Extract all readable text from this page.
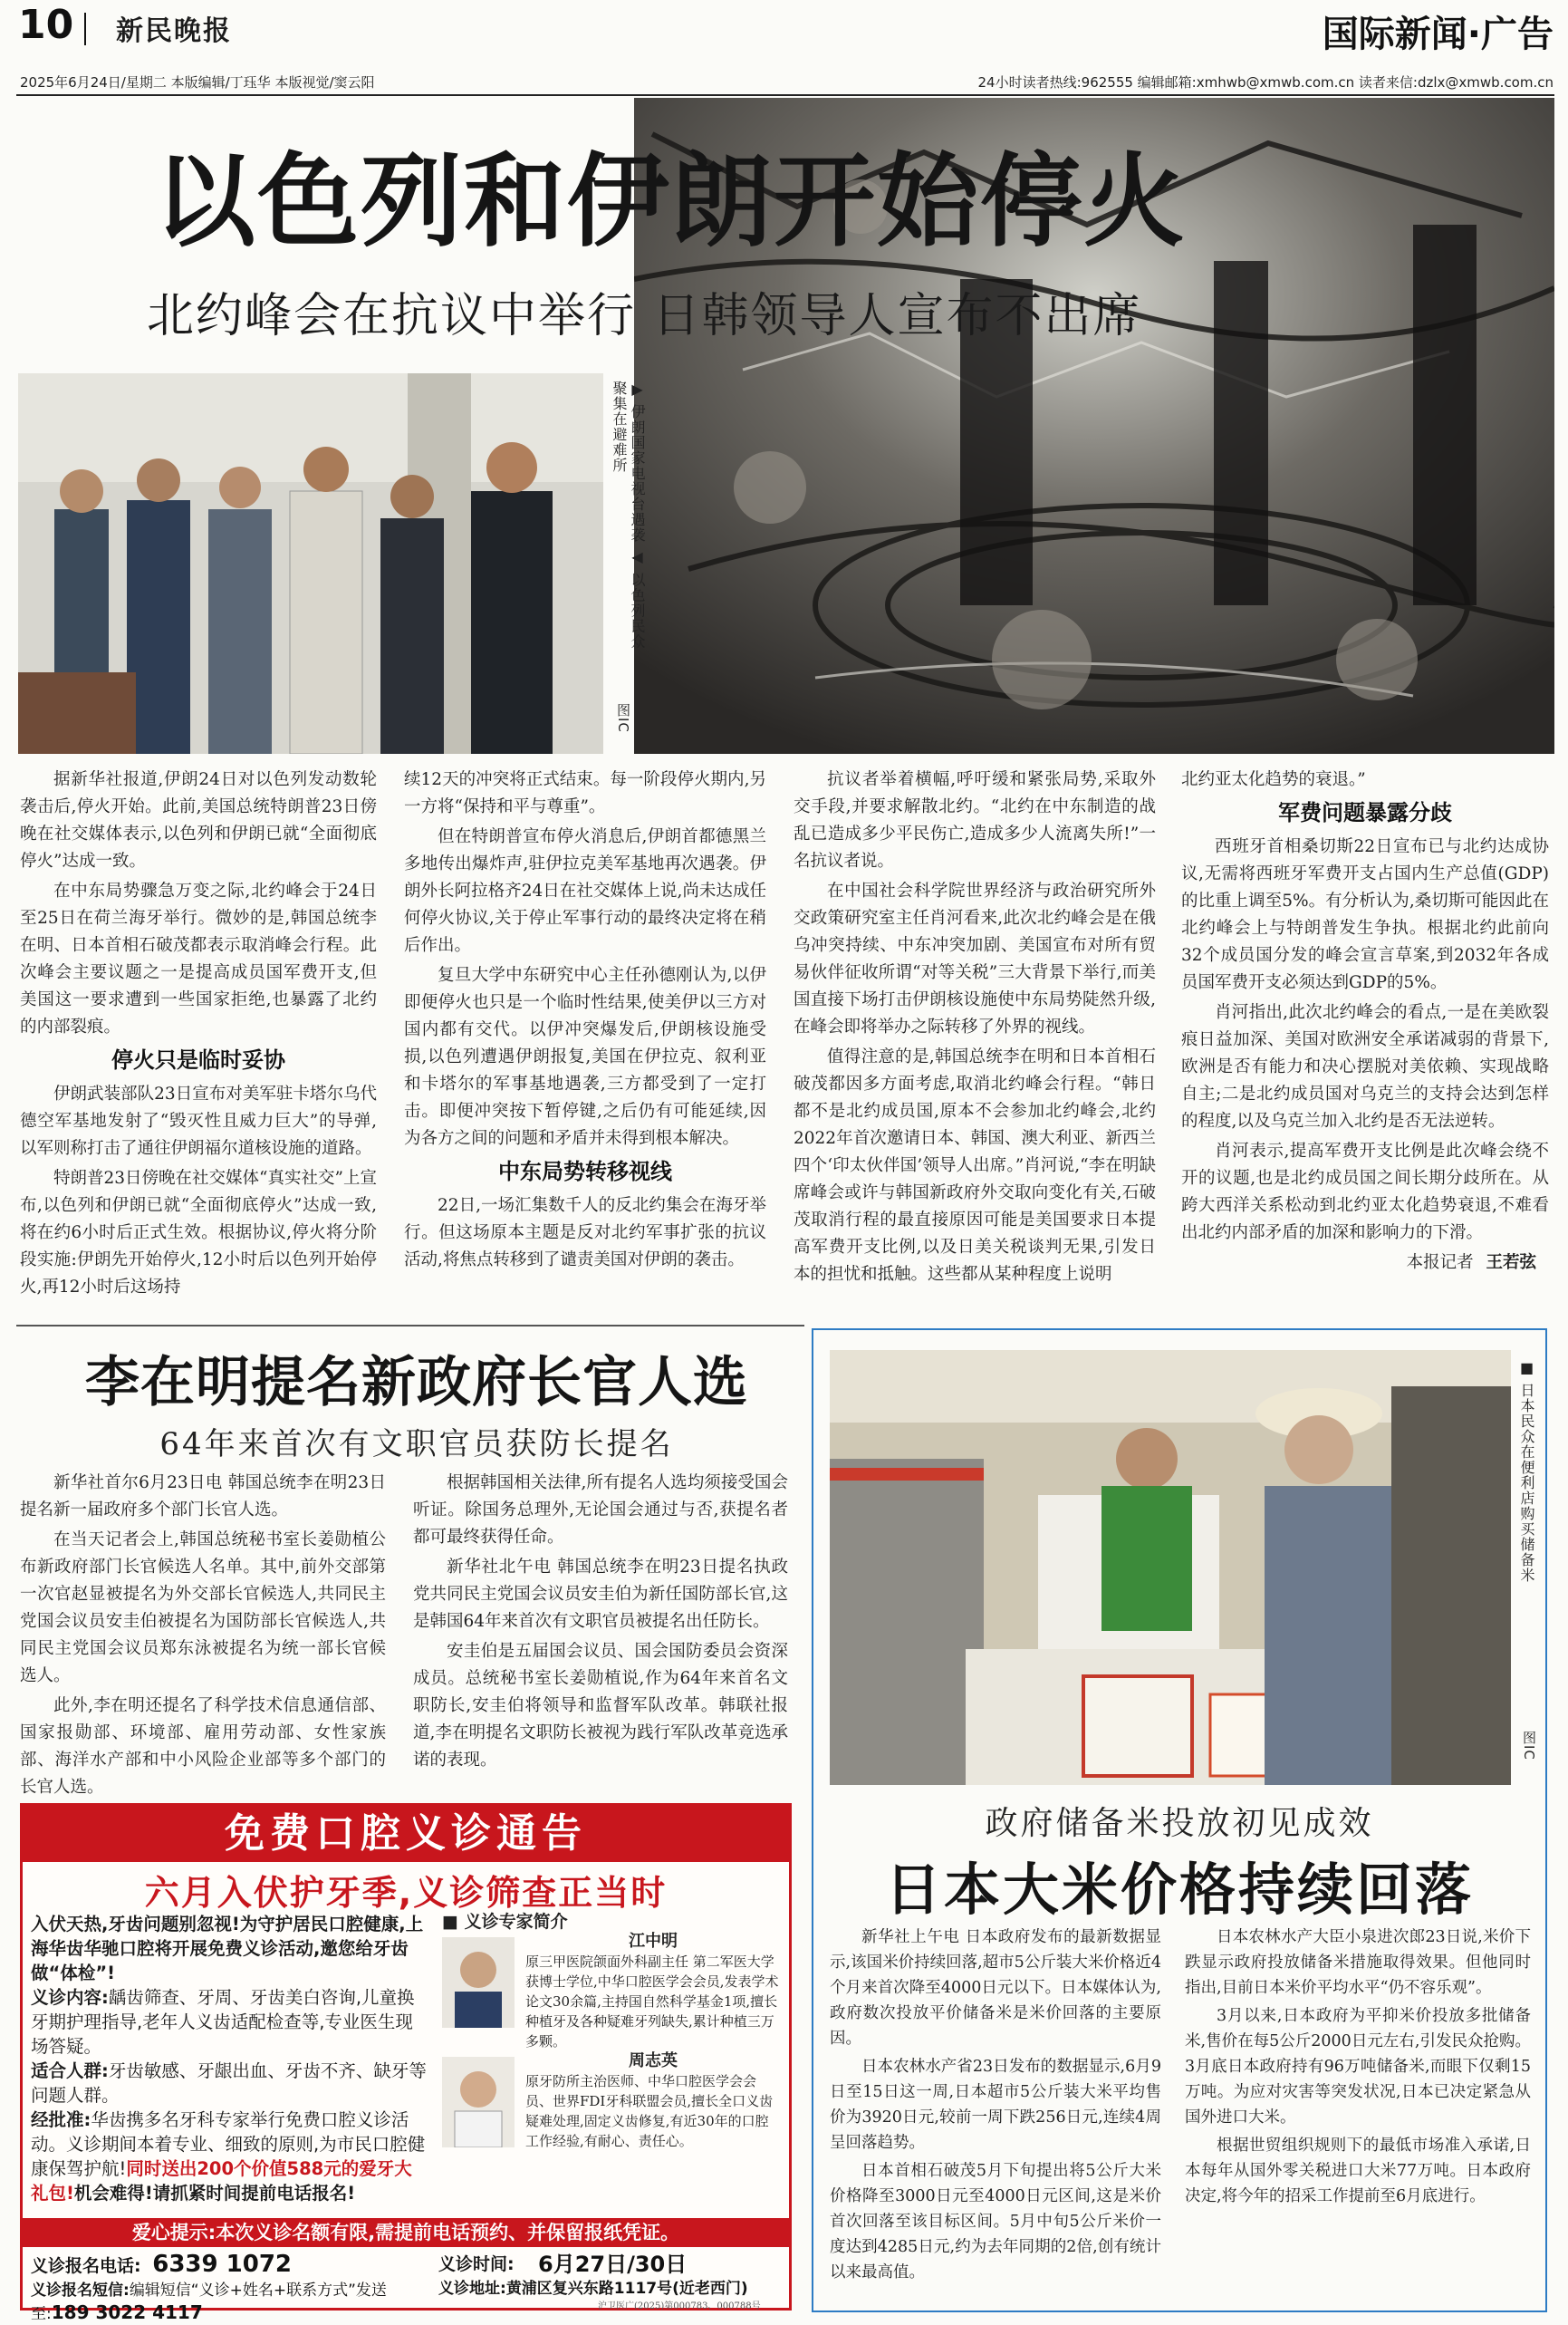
10 新民晚报	国际新闻·广告
2025年6月24日/星期二 本版编辑/丁珏华 本版视觉/窦云阳	24小时读者热线:962555 编辑邮箱:xmhwb@xmwb.com.cn 读者来信:dzlx@xmwb.com.cn
▶ 伊朗国家电视台遇袭 ◀ 以色列民众聚集在避难所
图IC
以色列和伊朗开始停火
北约峰会在抗议中举行 日韩领导人宣布不出席

据新华社报道,伊朗24日对以色列发动数轮袭击后,停火开始。此前,美国总统特朗普23日傍晚在社交媒体表示,以色列和伊朗已就“全面彻底停火”达成一致。

在中东局势骤急万变之际,北约峰会于24日至25日在荷兰海牙举行。微妙的是,韩国总统李在明、日本首相石破茂都表示取消峰会行程。此次峰会主要议题之一是提高成员国军费开支,但美国这一要求遭到一些国家拒绝,也暴露了北约的内部裂痕。

停火只是临时妥协

伊朗武装部队23日宣布对美军驻卡塔尔乌代德空军基地发射了“毁灭性且威力巨大”的导弹,以军则称打击了通往伊朗福尔道核设施的道路。

特朗普23日傍晚在社交媒体“真实社交”上宣布,以色列和伊朗已就“全面彻底停火”达成一致,将在约6小时后正式生效。根据协议,停火将分阶段实施:伊朗先开始停火,12小时后以色列开始停火,再12小时后这场持

续12天的冲突将正式结束。每一阶段停火期内,另一方将“保持和平与尊重”。

但在特朗普宣布停火消息后,伊朗首都德黑兰多地传出爆炸声,驻伊拉克美军基地再次遇袭。伊朗外长阿拉格齐24日在社交媒体上说,尚未达成任何停火协议,关于停止军事行动的最终决定将在稍后作出。

复旦大学中东研究中心主任孙德刚认为,以伊即便停火也只是一个临时性结果,使美伊以三方对国内都有交代。以伊冲突爆发后,伊朗核设施受损,以色列遭遇伊朗报复,美国在伊拉克、叙利亚和卡塔尔的军事基地遇袭,三方都受到了一定打击。即便冲突按下暂停键,之后仍有可能延续,因为各方之间的问题和矛盾并未得到根本解决。

中东局势转移视线

22日,一场汇集数千人的反北约集会在海牙举行。但这场原本主题是反对北约军事扩张的抗议活动,将焦点转移到了谴责美国对伊朗的袭击。

抗议者举着横幅,呼吁缓和紧张局势,采取外交手段,并要求解散北约。“北约在中东制造的战乱已造成多少平民伤亡,造成多少人流离失所!”一名抗议者说。

在中国社会科学院世界经济与政治研究所外交政策研究室主任肖河看来,此次北约峰会是在俄乌冲突持续、中东冲突加剧、美国宣布对所有贸易伙伴征收所谓“对等关税”三大背景下举行,而美国直接下场打击伊朗核设施使中东局势陡然升级,在峰会即将举办之际转移了外界的视线。

值得注意的是,韩国总统李在明和日本首相石破茂都因多方面考虑,取消北约峰会行程。“韩日都不是北约成员国,原本不会参加北约峰会,北约2022年首次邀请日本、韩国、澳大利亚、新西兰四个‘印太伙伴国’领导人出席。”肖河说,“李在明缺席峰会或许与韩国新政府外交取向变化有关,石破茂取消行程的最直接原因可能是美国要求日本提高军费开支比例,以及日美关税谈判无果,引发日本的担忧和抵触。这些都从某种程度上说明

北约亚太化趋势的衰退。”

军费问题暴露分歧

西班牙首相桑切斯22日宣布已与北约达成协议,无需将西班牙军费开支占国内生产总值(GDP)的比重上调至5%。有分析认为,桑切斯可能因此在北约峰会上与特朗普发生争执。根据北约此前向32个成员国分发的峰会宣言草案,到2032年各成员国军费开支必须达到GDP的5%。

肖河指出,此次北约峰会的看点,一是在美欧裂痕日益加深、美国对欧洲安全承诺减弱的背景下,欧洲是否有能力和决心摆脱对美依赖、实现战略自主;二是北约成员国对乌克兰的支持会达到怎样的程度,以及乌克兰加入北约是否无法逆转。

肖河表示,提高军费开支比例是此次峰会绕不开的议题,也是北约成员国之间长期分歧所在。从跨大西洋关系松动到北约亚太化趋势衰退,不难看出北约内部矛盾的加深和影响力的下滑。

本报记者 王若弦
李在明提名新政府长官人选
64年来首次有文职官员获防长提名

新华社首尔6月23日电 韩国总统李在明23日提名新一届政府多个部门长官人选。

在当天记者会上,韩国总统秘书室长姜勋植公布新政府部门长官候选人名单。其中,前外交部第一次官赵显被提名为外交部长官候选人,共同民主党国会议员安圭伯被提名为国防部长官候选人,共同民主党国会议员郑东泳被提名为统一部长官候选人。

此外,李在明还提名了科学技术信息通信部、国家报勋部、环境部、雇用劳动部、女性家族部、海洋水产部和中小风险企业部等多个部门的长官人选。

根据韩国相关法律,所有提名人选均须接受国会听证。除国务总理外,无论国会通过与否,获提名者都可最终获得任命。

新华社北午电 韩国总统李在明23日提名执政党共同民主党国会议员安圭伯为新任国防部长官,这是韩国64年来首次有文职官员被提名出任防长。

安圭伯是五届国会议员、国会国防委员会资深成员。总统秘书室长姜勋植说,作为64年来首名文职防长,安圭伯将领导和监督军队改革。韩联社报道,李在明提名文职防长被视为践行军队改革竞选承诺的表现。

■ 日本民众在便利店购买储备米
图IC
政府储备米投放初见成效
日本大米价格持续回落

新华社上午电 日本政府发布的最新数据显示,该国米价持续回落,超市5公斤装大米价格近4个月来首次降至4000日元以下。日本媒体认为,政府数次投放平价储备米是米价回落的主要原因。

日本农林水产省23日发布的数据显示,6月9日至15日这一周,日本超市5公斤装大米平均售价为3920日元,较前一周下跌256日元,连续4周呈回落趋势。

日本首相石破茂5月下旬提出将5公斤大米价格降至3000日元至4000日元区间,这是米价首次回落至该目标区间。5月中旬5公斤米价一度达到4285日元,约为去年同期的2倍,创有统计以来最高值。

日本农林水产大臣小泉进次郎23日说,米价下跌显示政府投放储备米措施取得效果。但他同时指出,目前日本米价平均水平“仍不容乐观”。

3月以来,日本政府为平抑米价投放多批储备米,售价在每5公斤2000日元左右,引发民众抢购。3月底日本政府持有96万吨储备米,而眼下仅剩15万吨。为应对灾害等突发状况,日本已决定紧急从国外进口大米。

根据世贸组织规则下的最低市场准入承诺,日本每年从国外零关税进口大米77万吨。日本政府决定,将今年的招采工作提前至6月底进行。

免费口腔义诊通告
六月入伏护牙季,义诊筛查正当时
入伏天热,牙齿问题别忽视!为守护居民口腔健康,上海华齿华驰口腔将开展免费义诊活动,邀您给牙齿做“体检”!
义诊内容:龋齿筛查、牙周、牙齿美白咨询,儿童换牙期护理指导,老年人义齿适配检查等,专业医生现场答疑。
适合人群:牙齿敏感、牙龈出血、牙齿不齐、缺牙等问题人群。
经批准:华齿携多名牙科专家举行免费口腔义诊活动。义诊期间本着专业、细致的原则,为市民口腔健康保驾护航!同时送出200个价值588元的爱牙大礼包!机会难得!请抓紧时间提前电话报名!
■ 义诊专家简介
江中明
原三甲医院颌面外科副主任 第二军医大学获博士学位,中华口腔医学会会员,发表学术论文30余篇,主持国自然科学基金1项,擅长种植牙及各种疑难牙列缺失,累计种植三万多颗。
周志英
原牙防所主治医师、中华口腔医学会会员、世界FDI牙科联盟会员,擅长全口义齿疑难处理,固定义齿修复,有近30年的口腔工作经验,有耐心、责任心。
爱心提示:本次义诊名额有限,需提前电话预约、并保留报纸凭证。
义诊报名电话: 6339 1072	义诊时间: 6月27日/30日
义诊报名短信:编辑短信“义诊+姓名+联系方式”发送至:189 3022 4117
义诊地址:黄浦区复兴东路1117号(近老西门)
沪卫医广(2025)第000783、000788号
